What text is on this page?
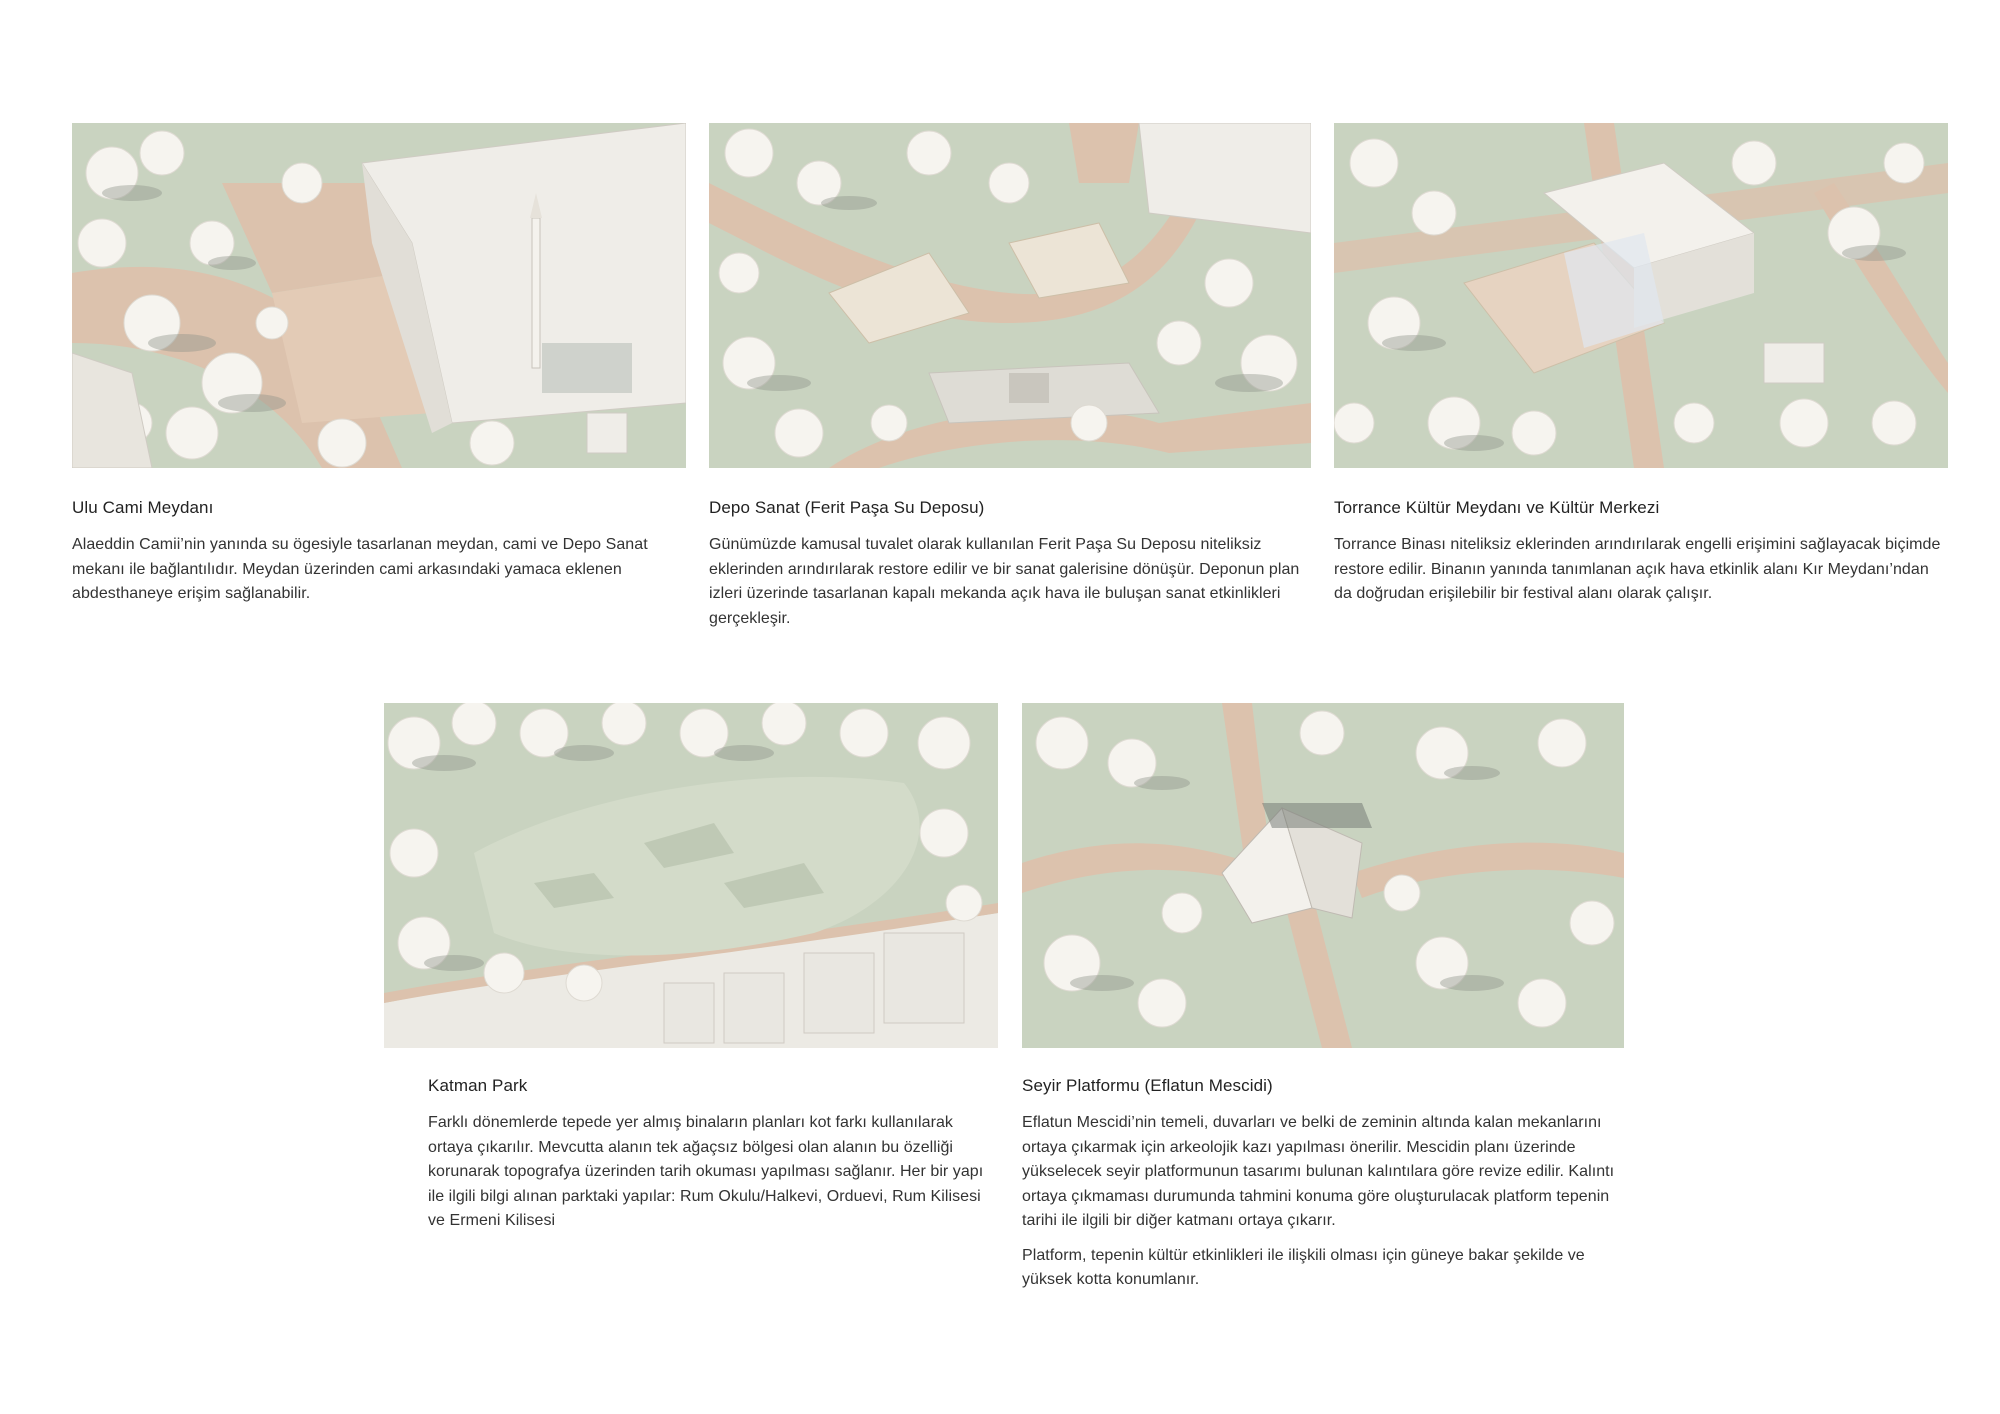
Ulu Cami Meydanı

Alaeddin Camii’nin yanında su ögesiyle tasarlanan meydan, cami ve Depo Sanat mekanı ile bağlantılıdır. Meydan üzerinden cami arkasındaki yamaca eklenen abdesthaneye erişim sağlanabilir.

Depo Sanat (Ferit Paşa Su Deposu)

Günümüzde kamusal tuvalet olarak kullanılan Ferit Paşa Su Deposu niteliksiz eklerinden arındırılarak restore edilir ve bir sanat galerisine dönüşür. Deponun plan izleri üzerinde tasarlanan kapalı mekanda açık hava ile buluşan sanat etkinlikleri gerçekleşir.

Torrance Kültür Meydanı ve Kültür Merkezi

Torrance Binası niteliksiz eklerinden arındırılarak engelli erişimini sağlayacak biçimde restore edilir. Binanın yanında tanımlanan açık hava etkinlik alanı Kır Meydanı’ndan da doğrudan erişilebilir bir festival alanı olarak çalışır.

Katman Park

Farklı dönemlerde tepede yer almış binaların planları kot farkı kullanılarak ortaya çıkarılır. Mevcutta alanın tek ağaçsız bölgesi olan alanın bu özelliği korunarak topografya üzerinden tarih okuması yapılması sağlanır. Her bir yapı ile ilgili bilgi alınan parktaki yapılar: Rum Okulu/Halkevi, Orduevi, Rum Kilisesi ve Ermeni Kilisesi

Seyir Platformu (Eflatun Mescidi)

Eflatun Mescidi’nin temeli, duvarları ve belki de zeminin altında kalan mekanlarını ortaya çıkarmak için arkeolojik kazı yapılması önerilir. Mescidin planı üzerinde yükselecek seyir platformunun tasarımı bulunan kalıntılara göre revize edilir. Kalıntı ortaya çıkmaması durumunda tahmini konuma göre oluşturulacak platform tepenin tarihi ile ilgili bir diğer katmanı ortaya çıkarır.

Platform, tepenin kültür etkinlikleri ile ilişkili olması için güneye bakar şekilde ve yüksek kotta konumlanır.
